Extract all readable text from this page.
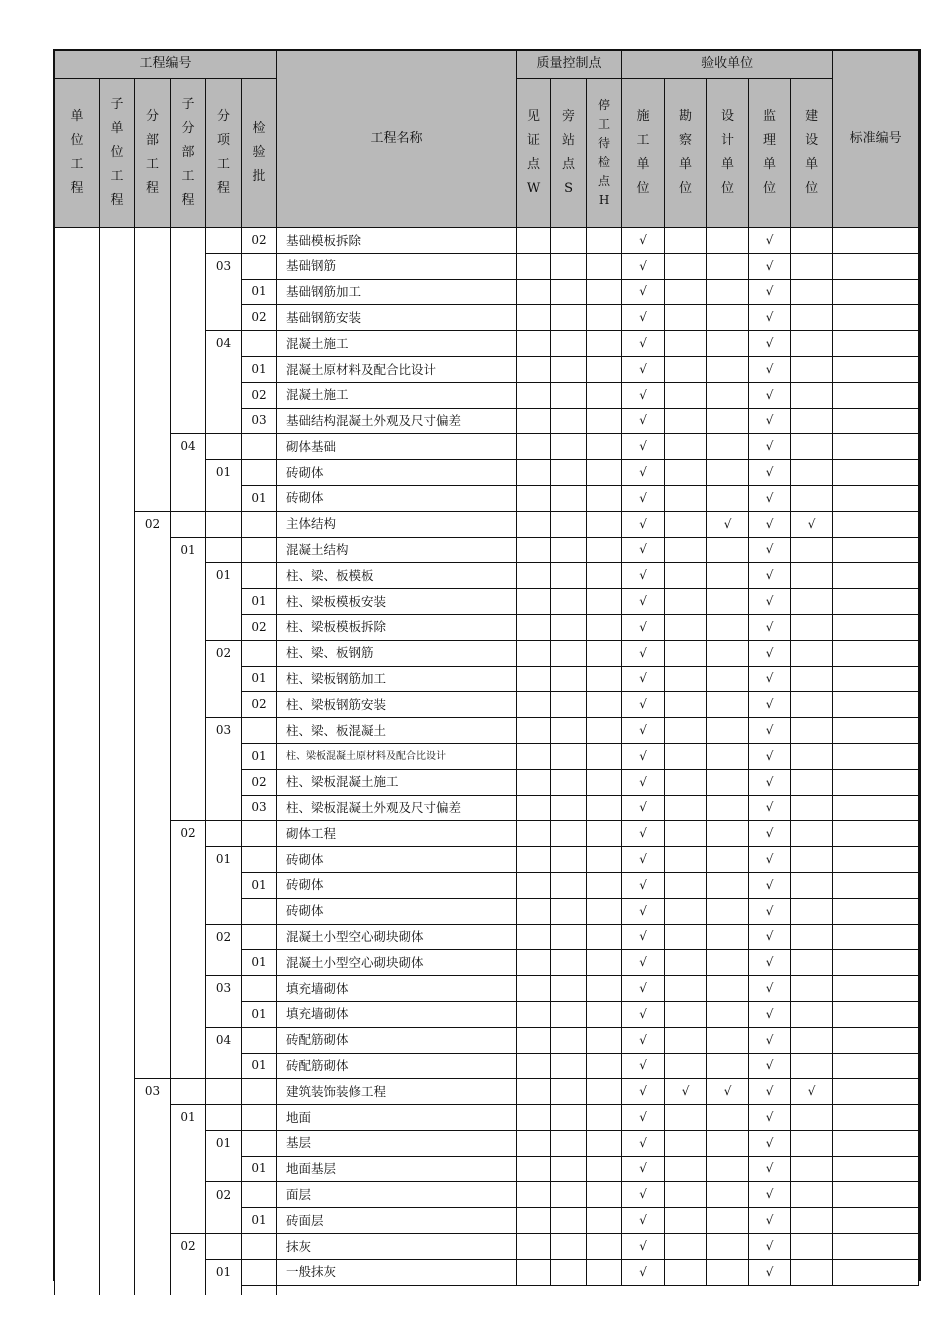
工程编号						工程名称	质量控制点			验收单位					标准编号
单位工程	子单位工程	分部工程	子分部工程	分项工程	检验批		见证点W	旁站点S	停工待检点H	施工单位	勘察单位	设计单位	监理单位	建设单位	
					02	基础模板拆除				√			√		
				03		基础钢筋				√			√		
					01	基础钢筋加工				√			√		
					02	基础钢筋安装				√			√		
				04		混凝土施工				√			√		
					01	混凝土原材料及配合比设计				√			√		
					02	混凝土施工				√			√		
					03	基础结构混凝土外观及尺寸偏差				√			√		
			04			砌体基础				√			√		
				01		砖砌体				√			√		
					01	砖砌体				√			√		
		02				主体结构				√		√	√	√	
			01			混凝土结构				√			√		
				01		柱、梁、板模板				√			√		
					01	柱、梁板模板安装				√			√		
					02	柱、梁板模板拆除				√			√		
				02		柱、梁、板钢筋				√			√		
					01	柱、梁板钢筋加工				√			√		
					02	柱、梁板钢筋安装				√			√		
				03		柱、梁、板混凝土				√			√		
					01	柱、梁板混凝土原材料及配合比设计				√			√		
					02	柱、梁板混凝土施工				√			√		
					03	柱、梁板混凝土外观及尺寸偏差				√			√		
			02			砌体工程				√			√		
				01		砖砌体				√			√		
					01	砖砌体				√			√		
						砖砌体				√			√		
				02		混凝土小型空心砌块砌体				√			√		
					01	混凝土小型空心砌块砌体				√			√		
				03		填充墙砌体				√			√		
					01	填充墙砌体				√			√		
				04		砖配筋砌体				√			√		
					01	砖配筋砌体				√			√		
		03				建筑装饰装修工程				√	√	√	√	√	
			01			地面				√			√		
				01		基层				√			√		
					01	地面基层				√			√		
				02		面层				√			√		
					01	砖面层				√			√		
			02			抹灰				√			√		
				01		一般抹灰				√			√		
